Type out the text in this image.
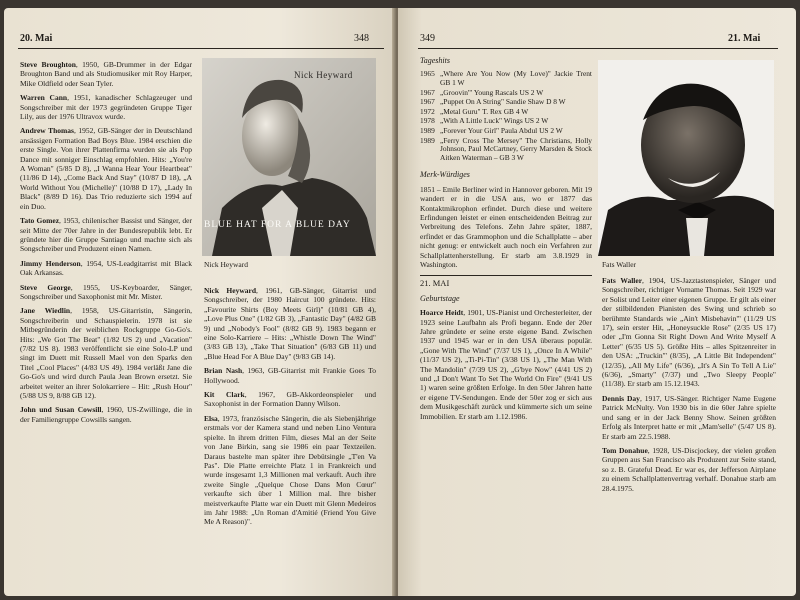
20. Mai	348

Steve Broughton, 1950, GB-Drummer in der Edgar Broughton Band und als Studiomusiker mit Roy Harper, Mike Oldfield oder Sean Tyler.

Warren Cann, 1951, kanadischer Schlagzeuger und Songschreiber mit der 1973 gegründeten Gruppe Tiger Lily, aus der 1976 Ultravox wurde.

Andrew Thomas, 1952, GB-Sänger der in Deutschland ansässigen Formation Bad Boys Blue. 1984 erschien die erste Single. Von ihrer Plattenfirma wurden sie als Pop Dance mit sonniger Einschlag empfohlen. Hits: „You're A Woman" (5/85 D 8), „I Wanna Hear Your Heartbeat" (11/86 D 14), „Come Back And Stay" (10/87 D 18), „A World Without You (Michelle)" (10/88 D 17), „Lady In Black" (8/89 D 16). Das Trio reduzierte sich 1994 auf ein Duo.

Tato Gomez, 1953, chilenischer Bassist und Sänger, der seit Mitte der 70er Jahre in der Bundesrepublik lebt. Er gründete hier die Gruppe Santiago und machte sich als Songschreiber und Produzent einen Namen.

Jimmy Henderson, 1954, US-Leadgitarrist mit Black Oak Arkansas.

Steve George, 1955, US-Keyboarder, Sänger, Songschreiber und Saxophonist mit Mr. Mister.

Jane Wiedlin, 1958, US-Gitarristin, Sängerin, Songschreiberin und Schauspielerin. 1978 ist sie Mitbegründerin der weiblichen Rockgruppe Go-Go's. Hits: „We Got The Beat" (1/82 US 2) und „Vacation" (7/82 US 8). 1983 veröffentlicht sie eine Solo-LP und singt im Duett mit Russell Mael von den Sparks den Titel „Cool Places" (4/83 US 49). 1984 verläßt Jane die Go-Go's und wird durch Paula Jean Brown ersetzt. Sie arbeitet weiter an ihrer Solokarriere – Hit: „Rush Hour" (5/88 US 9, 8/88 GB 12).

John und Susan Cowsill, 1960, US-Zwillinge, die in der Familiengruppe Cowsills sangen.

Nick Heyward
BLUE HAT FOR A BLUE DAY
Nick Heyward

Nick Heyward, 1961, GB-Sänger, Gitarrist und Songschreiber, der 1980 Haircut 100 gründete. Hits: „Favourite Shirts (Boy Meets Girl)" (10/81 GB 4), „Love Plus One" (1/82 GB 3), „Fantastic Day" (4/82 GB 9) und „Nobody's Fool" (8/82 GB 9). 1983 begann er eine Solo-Karriere – Hits: „Whistle Down The Wind" (3/83 GB 13), „Take That Situation" (6/83 GB 11) und „Blue Head For A Blue Day" (9/83 GB 14).

Brian Nash, 1963, GB-Gitarrist mit Frankie Goes To Hollywood.

Kit Clark, 1967, GB-Akkordeonspieler und Saxophonist in der Formation Danny Wilson.

Elsa, 1973, französische Sängerin, die als Siebenjährige erstmals vor der Kamera stand und neben Lino Ventura spielte. In ihrem dritten Film, dieses Mal an der Seite von Jane Birkin, sang sie 1986 ein paar Textzeilen. Daraus bastelte man später ihre Debütsingle „T'en Va Pas". Die Platte erreichte Platz 1 in Frankreich und wurde insgesamt 1,3 Millionen mal verkauft. Auch ihre zweite Single „Quelque Chose Dans Mon Cœur" verkaufte sich über 1 Million mal. Ihre bisher meistverkaufte Platte war ein Duett mit Glenn Medeiros im Jahr 1988: „Un Roman d'Amitié (Friend You Give Me A Reason)".

349	21. Mai
Tageshits
1965 „Where Are You Now (My Love)" Jackie Trent GB 1 W
1967 „Groovin'" Young Rascals US 2 W
1967 „Puppet On A String" Sandie Shaw D 8 W
1972 „Metal Guru" T. Rex GB 4 W
1978 „With A Little Luck" Wings US 2 W
1989 „Forever Your Girl" Paula Abdul US 2 W
1989 „Ferry Cross The Mersey" The Christians, Holly Johnson, Paul McCartney, Gerry Marsden & Stock Aitken Waterman – GB 3 W
Merk-Würdiges

1851 – Emile Berliner wird in Hannover geboren. Mit 19 wandert er in die USA aus, wo er 1877 das Kontaktmikrophon erfindet. Durch diese und weitere Erfindungen leistet er einen entscheidenden Beitrag zur Verbreitung des Telefons. Zehn Jahre später, 1887, erfindet er das Grammophon und die Schallplatte – aber nicht genug: er entwickelt auch noch ein Verfahren zur Schallplattenherstellung. Er starb am 3.8.1929 in Washington.

21. MAI
Geburtstage

Hoarce Heidt, 1901, US-Pianist und Orchesterleiter, der 1923 seine Laufbahn als Profi begann. Ende der 20er Jahre gründete er seine erste eigene Band. Zwischen 1937 und 1945 war er in den USA überaus populär. „Gone With The Wind" (7/37 US 1), „Once In A While" (11/37 US 2), „Ti-Pi-Tin" (3/38 US 1), „The Man With The Mandolin" (7/39 US 2), „G'bye Now" (4/41 US 2) und „I Don't Want To Set The World On Fire" (9/41 US 1) waren seine größten Erfolge. In den 50er Jahren hatte er eigene TV-Sendungen. Ende der 50er zog er sich aus dem Musikgeschäft zurück und kümmerte sich um seine Immobilien. Er starb am 1.12.1986.

Fats Waller

Fats Waller, 1904, US-Jazztastenspieler, Sänger und Songschreiber, richtiger Vorname Thomas. Seit 1929 war er Solist und Leiter einer eigenen Gruppe. Er gilt als einer der stilbildenden Pianisten des Swing und schrieb so berühmte Standards wie „Ain't Misbehavin'" (11/29 US 17), sein erster Hit, „Honeysuckle Rose" (2/35 US 17) oder „I'm Gonna Sit Right Down And Write Myself A Letter" (6/35 US 5). Größte Hits – alles Spitzenreiter in den USA: „Truckin'" (8/35), „A Little Bit Independent" (12/35), „All My Life" (6/36), „It's A Sin To Tell A Lie" (6/36), „Smarty" (7/37) und „Two Sleepy People" (11/38). Er starb am 15.12.1943.

Dennis Day, 1917, US-Sänger. Richtiger Name Eugene Patrick McNulty. Von 1930 bis in die 60er Jahre spielte und sang er in der Jack Benny Show. Seinen größten Erfolg als Interpret hatte er mit „Mam'selle" (5/47 US 8). Er starb am 22.5.1988.

Tom Donahue, 1928, US-Discjockey, der vielen großen Gruppen aus San Francisco als Produzent zur Seite stand, so z. B. Grateful Dead. Er war es, der Jefferson Airplane zu einem Schallplattenvertrag verhalf. Donahue starb am 28.4.1975.
